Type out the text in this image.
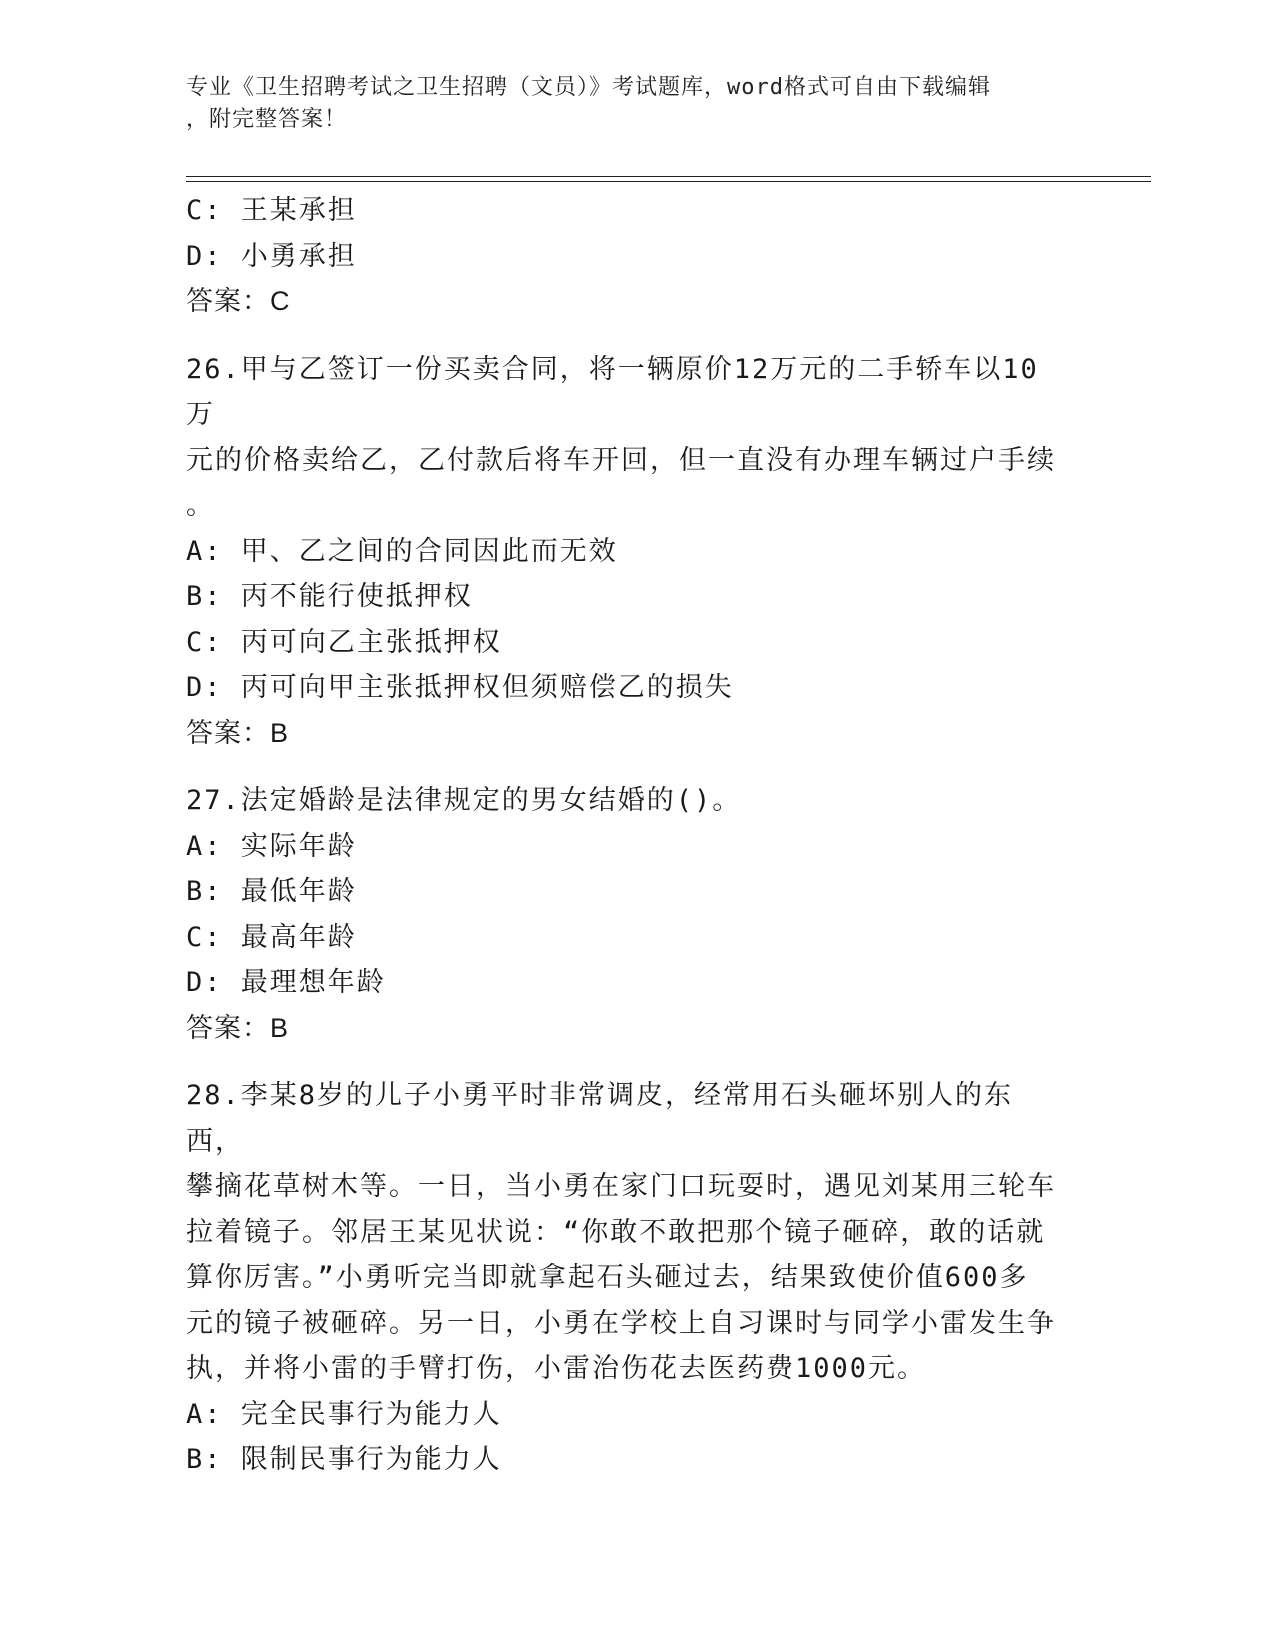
专业《卫生招聘考试之卫生招聘（文员）》考试题库，word格式可自由下载编辑
，附完整答案！

C: 王某承担

D: 小勇承担

答案：C

26.甲与乙签订一份买卖合同，将一辆原价12万元的二手轿车以10万

元的价格卖给乙，乙付款后将车开回，但一直没有办理车辆过户手续

。

A: 甲、乙之间的合同因此而无效

B: 丙不能行使抵押权

C: 丙可向乙主张抵押权

D: 丙可向甲主张抵押权但须赔偿乙的损失

答案：B

27.法定婚龄是法律规定的男女结婚的()。

A: 实际年龄

B: 最低年龄

C: 最高年龄

D: 最理想年龄

答案：B

28.李某8岁的儿子小勇平时非常调皮，经常用石头砸坏别人的东西，

攀摘花草树木等。一日，当小勇在家门口玩耍时，遇见刘某用三轮车

拉着镜子。邻居王某见状说：“你敢不敢把那个镜子砸碎，敢的话就

算你厉害。”小勇听完当即就拿起石头砸过去，结果致使价值600多

元的镜子被砸碎。另一日，小勇在学校上自习课时与同学小雷发生争

执，并将小雷的手臂打伤，小雷治伤花去医药费1000元。

A: 完全民事行为能力人

B: 限制民事行为能力人
